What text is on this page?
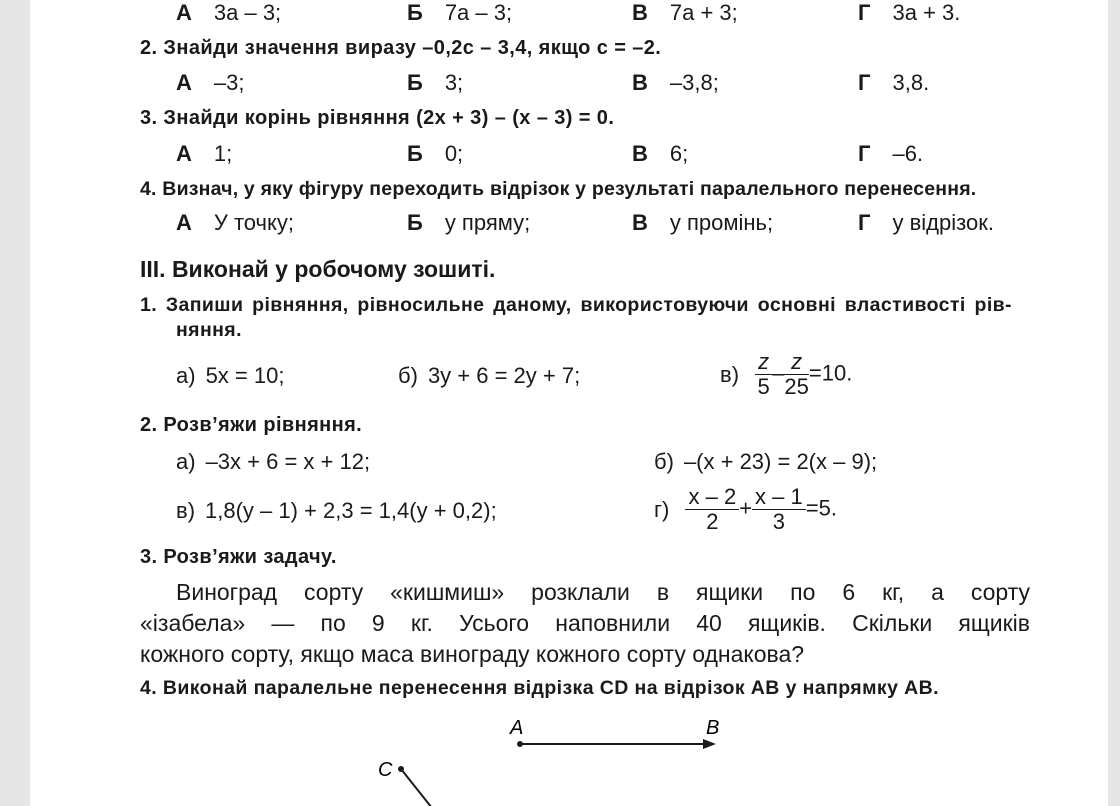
А 3a – 3;	Б 7a – 3;	В 7a + 3;	Г 3a + 3.
2. Знайди значення виразу –0,2с – 3,4, якщо с = –2.
А –3;	Б 3;	В –3,8;	Г 3,8.
3. Знайди корінь рівняння (2x + 3) – (x – 3) = 0.
А 1;	Б 0;	В 6;	Г –6.
4. Визнач, у яку фігуру переходить відрізок у результаті паралельного перенесення.
А У точку;	Б у пряму;	В у промінь;	Г у відрізок.
III. Виконай у робочому зошиті.
1. Запиши рівняння, рівносильне даному, використовуючи основні властивості рів-
няння.
а) 5x = 10;	б) 3y + 6 = 2y + 7;	$в) \frac{z}{5} - \frac{z}{25} =10$.
2. Розв’яжи рівняння.
а) –3x + 6 = x + 12;	б) –(x + 23) = 2(x – 9);
в) 1,8(y – 1) + 2,3 = 1,4(y + 0,2);	$г) \frac{x - 2}{2} + \frac{x - 1}{3} =5$.
3. Розв’яжи задачу.
Виноград сорту «кишмиш» розклали в ящики по 6 кг, а сорту
«ізабела» — по 9 кг. Усього наповнили 40 ящиків. Скільки ящиків
кожного сорту, якщо маса винограду кожного сорту однакова?
4. Виконай паралельне перенесення відрізка CD на відрізок AB у напрямку AB.
A	B
C
